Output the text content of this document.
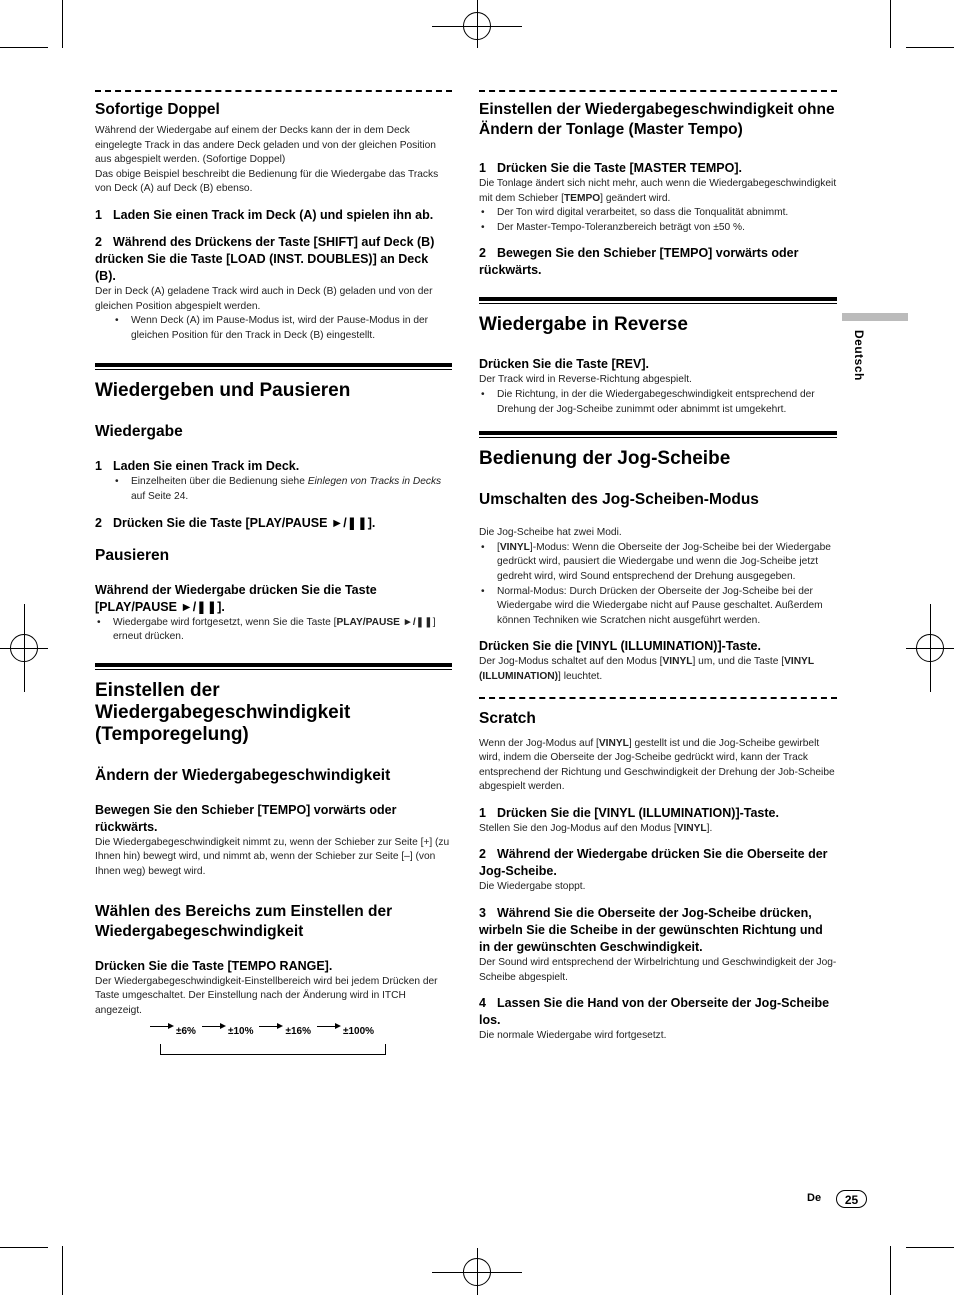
Sofortige Doppel

Während der Wiedergabe auf einem der Decks kann der in dem Deck eingelegte Track in das andere Deck geladen und von der gleichen Position aus abgespielt werden. (Sofortige Doppel)

Das obige Beispiel beschreibt die Bedienung für die Wiedergabe das Tracks von Deck (A) auf Deck (B) ebenso.

1 Laden Sie einen Track im Deck (A) und spielen ihn ab.
2 Während des Drückens der Taste [SHIFT] auf Deck (B) drücken Sie die Taste [LOAD (INST. DOUBLES)] an Deck (B).

Der in Deck (A) geladene Track wird auch in Deck (B) geladen und von der gleichen Position abgespielt werden.

• Wenn Deck (A) im Pause-Modus ist, wird der Pause-Modus in der gleichen Position für den Track in Deck (B) eingestellt.
Wiedergeben und Pausieren
Wiedergabe
1 Laden Sie einen Track im Deck.
• Einzelheiten über die Bedienung siehe Einlegen von Tracks in Decks auf Seite 24.
2 Drücken Sie die Taste [PLAY/PAUSE ►/❚❚].
Pausieren
Während der Wiedergabe drücken Sie die Taste [PLAY/PAUSE ►/❚❚].
• Wiedergabe wird fortgesetzt, wenn Sie die Taste [PLAY/PAUSE ►/❚❚] erneut drücken.
Einstellen der Wiedergabegeschwindigkeit (Temporegelung)
Ändern der Wiedergabegeschwindigkeit
Bewegen Sie den Schieber [TEMPO] vorwärts oder rückwärts.

Die Wiedergabegeschwindigkeit nimmt zu, wenn der Schieber zur Seite [+] (zu Ihnen hin) bewegt wird, und nimmt ab, wenn der Schieber zur Seite [–] (von Ihnen weg) bewegt wird.

Wählen des Bereichs zum Einstellen der Wiedergabegeschwindigkeit
Drücken Sie die Taste [TEMPO RANGE].

Der Wiedergabegeschwindigkeit-Einstellbereich wird bei jedem Drücken der Taste umgeschaltet. Der Einstellung nach der Änderung wird in ITCH angezeigt.

±6%	±10%	±16%	±100%
Einstellen der Wiedergabegeschwindigkeit ohne Ändern der Tonlage (Master Tempo)
1 Drücken Sie die Taste [MASTER TEMPO].

Die Tonlage ändert sich nicht mehr, auch wenn die Wiedergabegeschwindigkeit mit dem Schieber [TEMPO] geändert wird.

• Der Ton wird digital verarbeitet, so dass die Tonqualität abnimmt.
• Der Master-Tempo-Toleranzbereich beträgt von ±50 %.
2 Bewegen Sie den Schieber [TEMPO] vorwärts oder rückwärts.
Wiedergabe in Reverse
Drücken Sie die Taste [REV].

Der Track wird in Reverse-Richtung abgespielt.

• Die Richtung, in der die Wiedergabegeschwindigkeit entsprechend der Drehung der Jog-Scheibe zunimmt oder abnimmt ist umgekehrt.
Bedienung der Jog-Scheibe
Umschalten des Jog-Scheiben-Modus

Die Jog-Scheibe hat zwei Modi.

• [VINYL]-Modus: Wenn die Oberseite der Jog-Scheibe bei der Wiedergabe gedrückt wird, pausiert die Wiedergabe und wenn die Jog-Scheibe jetzt gedreht wird, wird Sound entsprechend der Drehung ausgegeben.
• Normal-Modus: Durch Drücken der Oberseite der Jog-Scheibe bei der Wiedergabe wird die Wiedergabe nicht auf Pause geschaltet. Außerdem können Techniken wie Scratchen nicht ausgeführt werden.
Drücken Sie die [VINYL (ILLUMINATION)]-Taste.

Der Jog-Modus schaltet auf den Modus [VINYL] um, und die Taste [VINYL (ILLUMINATION)] leuchtet.

Scratch

Wenn der Jog-Modus auf [VINYL] gestellt ist und die Jog-Scheibe gewirbelt wird, indem die Oberseite der Jog-Scheibe gedrückt wird, kann der Track entsprechend der Richtung und Geschwindigkeit der Drehung der Job-Scheibe abgespielt werden.

1 Drücken Sie die [VINYL (ILLUMINATION)]-Taste.

Stellen Sie den Jog-Modus auf den Modus [VINYL].

2 Während der Wiedergabe drücken Sie die Oberseite der Jog-Scheibe.

Die Wiedergabe stoppt.

3 Während Sie die Oberseite der Jog-Scheibe drücken, wirbeln Sie die Scheibe in der gewünschten Richtung und in der gewünschten Geschwindigkeit.

Der Sound wird entsprechend der Wirbelrichtung und Geschwindigkeit der Jog-Scheibe abgespielt.

4 Lassen Sie die Hand von der Oberseite der Jog-Scheibe los.

Die normale Wiedergabe wird fortgesetzt.

Deutsch
De	25
